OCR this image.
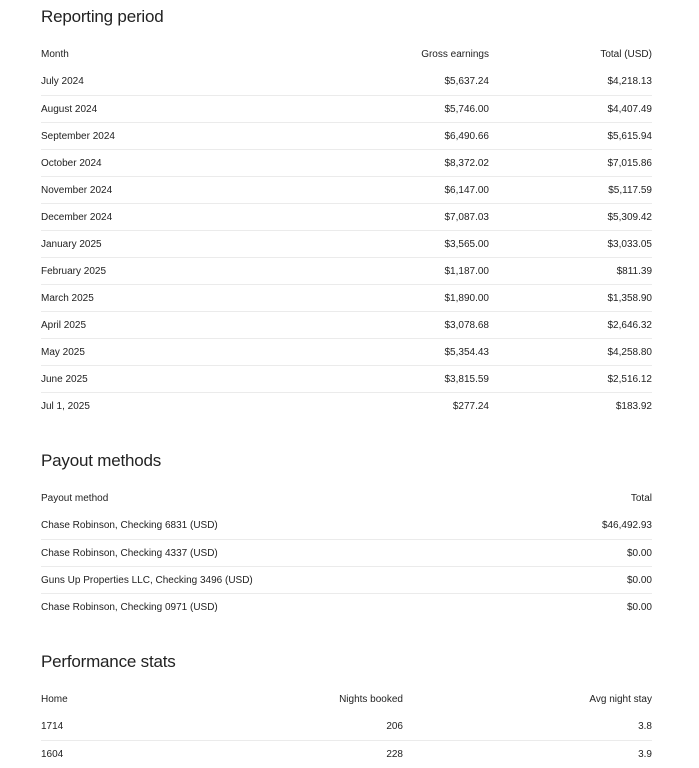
Reporting period
Month	Gross earnings	Total (USD)
July 2024	$5,637.24	$4,218.13
August 2024	$5,746.00	$4,407.49
September 2024	$6,490.66	$5,615.94
October 2024	$8,372.02	$7,015.86
November 2024	$6,147.00	$5,117.59
December 2024	$7,087.03	$5,309.42
January 2025	$3,565.00	$3,033.05
February 2025	$1,187.00	$811.39
March 2025	$1,890.00	$1,358.90
April 2025	$3,078.68	$2,646.32
May 2025	$5,354.43	$4,258.80
June 2025	$3,815.59	$2,516.12
Jul 1, 2025	$277.24	$183.92
Payout methods
Payout method	Total
Chase Robinson, Checking 6831 (USD)	$46,492.93
Chase Robinson, Checking 4337 (USD)	$0.00
Guns Up Properties LLC, Checking 3496 (USD)	$0.00
Chase Robinson, Checking 0971 (USD)	$0.00
Performance stats
Home	Nights booked	Avg night stay
1714	206	3.8
1604	228	3.9
